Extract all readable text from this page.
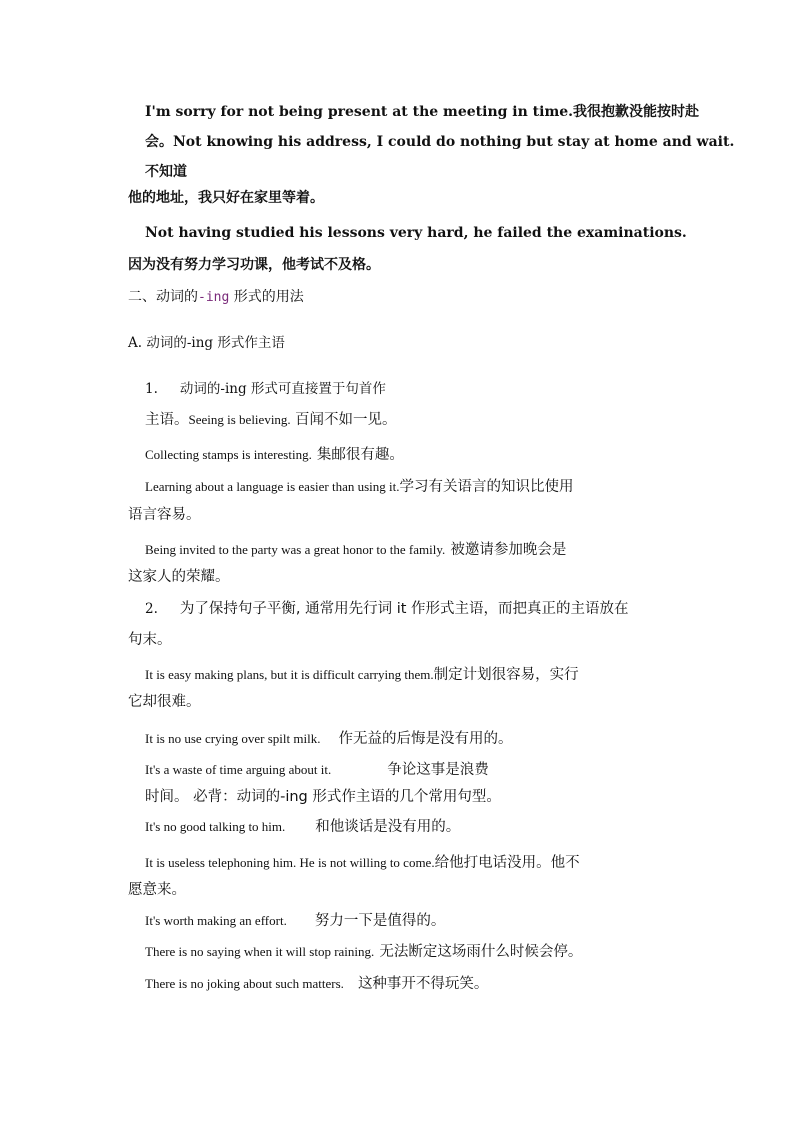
I'm sorry for not being present at the meeting in time.我很抱歉没能按时赴
会。Not knowing his address, I could do nothing but stay at home and wait.
不知道
他的地址，我只好在家里等着。
Not having studied his lessons very hard, he failed the examinations.
因为没有努力学习功课，他考试不及格。
二、动词的-ing 形式的用法
A. 动词的-ing 形式作主语
1. 动词的-ing 形式可直接置于句首作
主语。Seeing is believing. 百闻不如一见。
Collecting stamps is interesting. 集邮很有趣。
Learning about a language is easier than using it.学习有关语言的知识比使用
语言容易。
Being invited to the party was a great honor to the family. 被邀请参加晚会是
这家人的荣耀。
2. 为了保持句子平衡, 通常用先行词 it 作形式主语，而把真正的主语放在
句末。
It is easy making plans, but it is difficult carrying them.制定计划很容易，实行
它却很难。
It is no use crying over spilt milk. 作无益的后悔是没有用的。
It's a waste of time arguing about it.	争论这事是浪费
时间。 必背：动词的-ing 形式作主语的几个常用句型。
It's no good talking to him. 和他谈话是没有用的。
It is useless telephoning him. He is not willing to come.给他打电话没用。他不
愿意来。
It's worth making an effort. 努力一下是值得的。
There is no saying when it will stop raining. 无法断定这场雨什么时候会停。
There is no joking about such matters. 这种事开不得玩笑。
